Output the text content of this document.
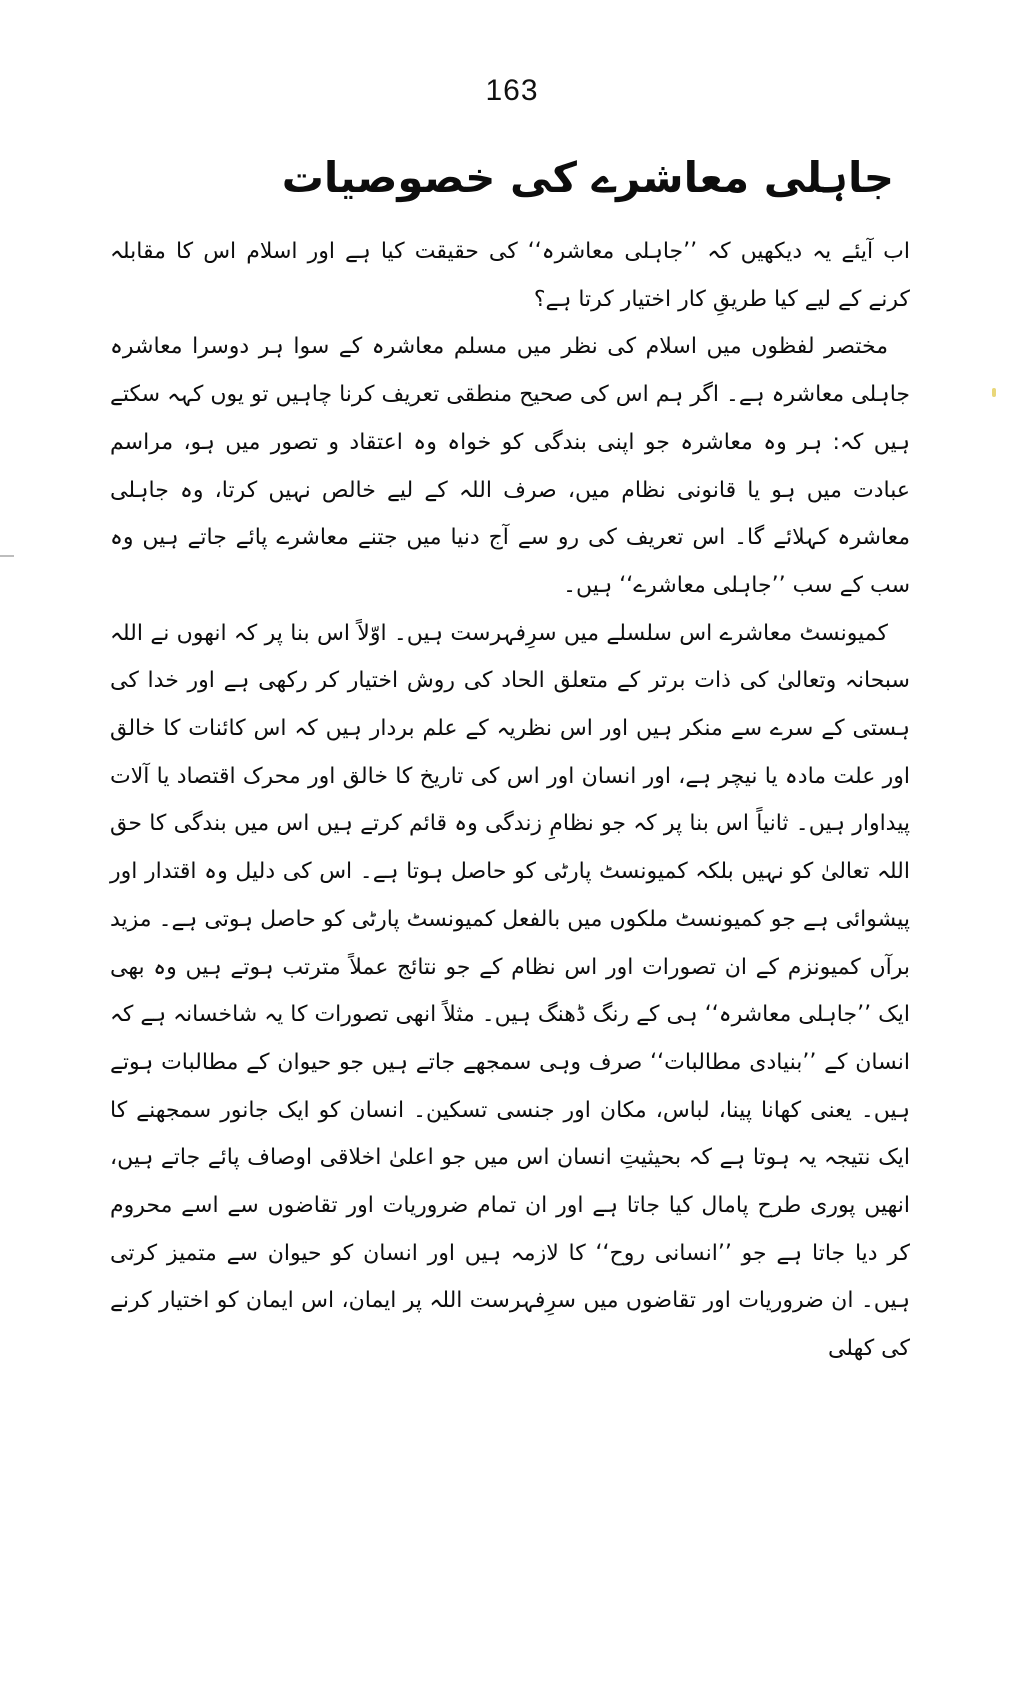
163
جاہلی معاشرے کی خصوصیات

اب آیئے یہ دیکھیں کہ ’’جاہلی معاشرہ‘‘ کی حقیقت کیا ہے اور اسلام اس کا مقابلہ کرنے کے لیے کیا طریقِ کار اختیار کرتا ہے؟

مختصر لفظوں میں اسلام کی نظر میں مسلم معاشرہ کے سوا ہر دوسرا معاشرہ جاہلی معاشرہ ہے۔ اگر ہم اس کی صحیح منطقی تعریف کرنا چاہیں تو یوں کہہ سکتے ہیں کہ: ہر وہ معاشرہ جو اپنی بندگی کو خواہ وہ اعتقاد و تصور میں ہو، مراسم عبادت میں ہو یا قانونی نظام میں، صرف اللہ کے لیے خالص نہیں کرتا، وہ جاہلی معاشرہ کہلائے گا۔ اس تعریف کی رو سے آج دنیا میں جتنے معاشرے پائے جاتے ہیں وہ سب کے سب ’’جاہلی معاشرے‘‘ ہیں۔

کمیونسٹ معاشرے اس سلسلے میں سرِفہرست ہیں۔ اوّلاً اس بنا پر کہ انھوں نے اللہ سبحانہ وتعالیٰ کی ذات برتر کے متعلق الحاد کی روش اختیار کر رکھی ہے اور خدا کی ہستی کے سرے سے منکر ہیں اور اس نظریہ کے علم بردار ہیں کہ اس کائنات کا خالق اور علت مادہ یا نیچر ہے، اور انسان اور اس کی تاریخ کا خالق اور محرک اقتصاد یا آلات پیداوار ہیں۔ ثانیاً اس بنا پر کہ جو نظامِ زندگی وہ قائم کرتے ہیں اس میں بندگی کا حق اللہ تعالیٰ کو نہیں بلکہ کمیونسٹ پارٹی کو حاصل ہوتا ہے۔ اس کی دلیل وہ اقتدار اور پیشوائی ہے جو کمیونسٹ ملکوں میں بالفعل کمیونسٹ پارٹی کو حاصل ہوتی ہے۔ مزید برآں کمیونزم کے ان تصورات اور اس نظام کے جو نتائج عملاً مترتب ہوتے ہیں وہ بھی ایک ’’جاہلی معاشرہ‘‘ ہی کے رنگ ڈھنگ ہیں۔ مثلاً انھی تصورات کا یہ شاخسانہ ہے کہ انسان کے ’’بنیادی مطالبات‘‘ صرف وہی سمجھے جاتے ہیں جو حیوان کے مطالبات ہوتے ہیں۔ یعنی کھانا پینا، لباس، مکان اور جنسی تسکین۔ انسان کو ایک جانور سمجھنے کا ایک نتیجہ یہ ہوتا ہے کہ بحیثیتِ انسان اس میں جو اعلیٰ اخلاقی اوصاف پائے جاتے ہیں، انھیں پوری طرح پامال کیا جاتا ہے اور ان تمام ضروریات اور تقاضوں سے اسے محروم کر دیا جاتا ہے جو ’’انسانی روح‘‘ کا لازمہ ہیں اور انسان کو حیوان سے متمیز کرتی ہیں۔ ان ضروریات اور تقاضوں میں سرِفہرست اللہ پر ایمان، اس ایمان کو اختیار کرنے کی کھلی
